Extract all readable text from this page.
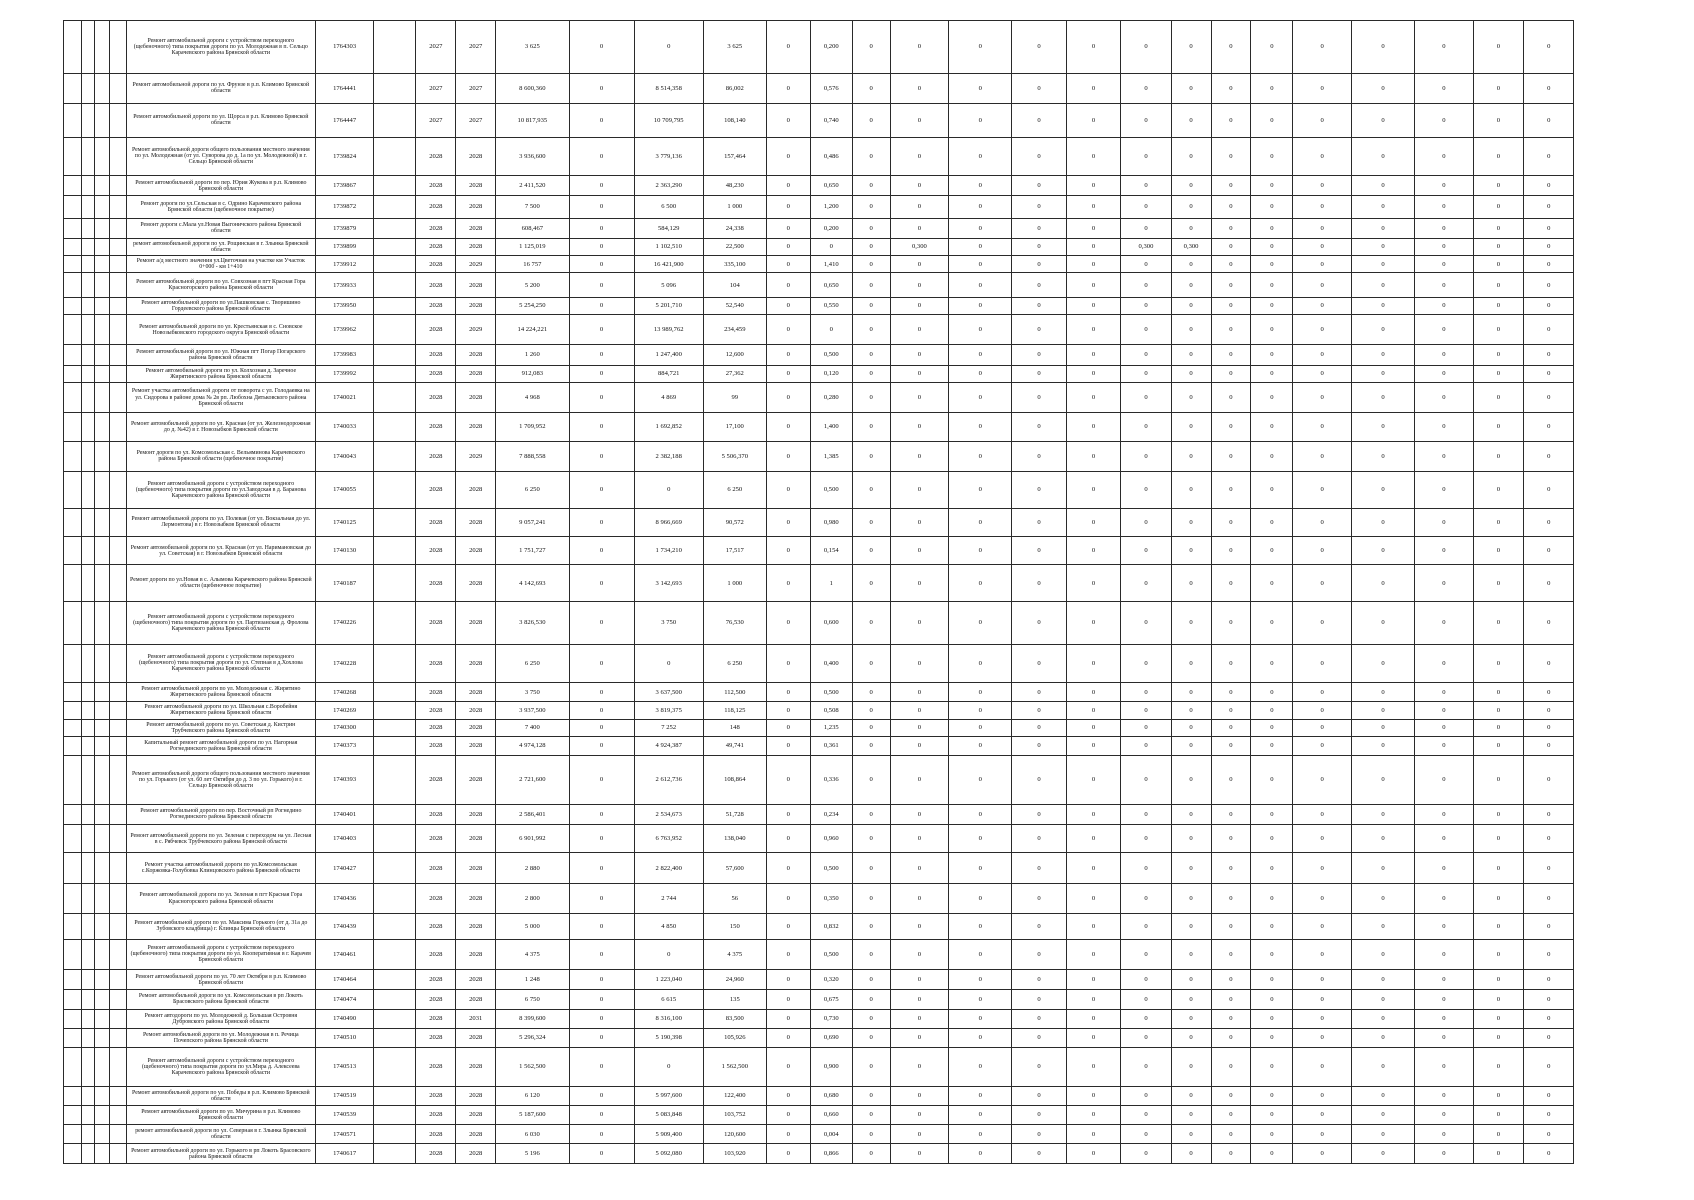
				Ремонт автомобильной дороги с устройством переходного (щебеночного) типа покрытия дороги по ул. Молодежная в п. Сельцо Карачевского района Брянской области	1764303		2027	2027	3 625	0	0	3 625	0	0,200	0	0	0	0	0	0	0	0	0	0	0	0	0	0
				Ремонт автомобильной дороги по ул. Фрунзе в р.п. Климово Брянской области	1764441		2027	2027	8 600,360	0	8 514,358	86,002	0	0,576	0	0	0	0	0	0	0	0	0	0	0	0	0	0
				Ремонт автомобильной дороги по ул. Щорса в р.п. Климово Брянской области	1764447		2027	2027	10 817,935	0	10 709,795	108,140	0	0,740	0	0	0	0	0	0	0	0	0	0	0	0	0	0
				Ремонт автомобильной дороги общего пользования местного значения по ул. Молодежная (от ул. Суворова до д. 1а по ул. Молодежной) в г. Сельцо Брянской области	1739824		2028	2028	3 936,600	0	3 779,136	157,464	0	0,486	0	0	0	0	0	0	0	0	0	0	0	0	0	0
				Ремонт автомобильной дороги по пер. Юрия Жукова в р.п. Климово Брянской области	1739867		2028	2028	2 411,520	0	2 363,290	48,230	0	0,650	0	0	0	0	0	0	0	0	0	0	0	0	0	0
				Ремонт дороги по ул.Сельская в с. Одрино Карачевского района Брянской области (щебеночное покрытие)	1739872		2028	2028	7 500	0	6 500	1 000	0	1,200	0	0	0	0	0	0	0	0	0	0	0	0	0	0
				Ремонт дороги с.Мала ул.Новая Выгоничского района Брянской области	1739879		2028	2028	608,467	0	584,129	24,338	0	0,200	0	0	0	0	0	0	0	0	0	0	0	0	0	0
				ремонт автомобильной дороги по ул. Рощинская в г. Злынка Брянской области	1739899		2028	2028	1 125,019	0	1 102,510	22,500	0	0	0	0,300	0	0	0	0,300	0,300	0	0	0	0	0	0	0
				Ремонт а/д местного значения ул.Цветочная на участке км Участок 0+000 - км 1+410	1739912		2028	2029	16 757	0	16 421,900	335,100	0	1,410	0	0	0	0	0	0	0	0	0	0	0	0	0	0
				Ремонт автомобильной дороги по ул. Совхозная в пгт Красная Гора Красногорского района Брянской области	1739933		2028	2028	5 200	0	5 096	104	0	0,650	0	0	0	0	0	0	0	0	0	0	0	0	0	0
				Ремонт автомобильной дороги по ул.Пашковская с. Творишино Гордеевского района Брянской области	1739950		2028	2028	5 254,250	0	5 201,710	52,540	0	0,550	0	0	0	0	0	0	0	0	0	0	0	0	0	0
				Ремонт автомобильной дороги по ул. Крестьянская в с. Сновское Новозыбковского городского округа Брянской области	1739962		2028	2029	14 224,221	0	13 989,762	234,459	0	0	0	0	0	0	0	0	0	0	0	0	0	0	0	0
				Ремонт автомобильной дороги по ул. Южная пгт Погар Погарского района Брянской области	1739983		2028	2028	1 260	0	1 247,400	12,600	0	0,500	0	0	0	0	0	0	0	0	0	0	0	0	0	0
				Ремонт автомобильной дороги по ул. Колхозная д. Заречное Жирятинского района Брянской области	1739992		2028	2028	912,083	0	884,721	27,362	0	0,120	0	0	0	0	0	0	0	0	0	0	0	0	0	0
				Ремонт участка автомобильной дороги от поворота с ул. Голодаевка на ул. Сидорова в районе дома № 2в рп. Любохна Дятьковского района Брянской области	1740021		2028	2028	4 968	0	4 869	99	0	0,280	0	0	0	0	0	0	0	0	0	0	0	0	0	0
				Ремонт автомобильной дороги по ул. Красная (от ул. Железнодорожная до д. №42) в г. Новозыбков Брянской области	1740033		2028	2028	1 709,952	0	1 692,852	17,100	0	1,400	0	0	0	0	0	0	0	0	0	0	0	0	0	0
				Ремонт дороги по ул. Комсомольская с. Вельяминова Карачевского района Брянской области (щебеночное покрытие)	1740043		2028	2029	7 888,558	0	2 382,188	5 506,370	0	1,385	0	0	0	0	0	0	0	0	0	0	0	0	0	0
				Ремонт автомобильной дороги с устройством переходного (щебеночного) типа покрытия дороги по ул.Заводская в д. Баранова Карачевского района Брянской области	1740055		2028	2028	6 250	0	0	6 250	0	0,500	0	0	0	0	0	0	0	0	0	0	0	0	0	0
				Ремонт автомобильной дороги по ул. Полевая (от ул. Вокзальная до ул. Лермонтова) в г. Новозыбков Брянской области	1740125		2028	2028	9 057,241	0	8 966,669	90,572	0	0,980	0	0	0	0	0	0	0	0	0	0	0	0	0	0
				Ремонт автомобильной дороги по ул. Красная (от ул. Наримановская до ул. Советская) в г. Новозыбков Брянской области	1740130		2028	2028	1 751,727	0	1 734,210	17,517	0	0,154	0	0	0	0	0	0	0	0	0	0	0	0	0	0
				Ремонт дороги по ул.Новая в с. Алымова Карачевского района Брянской области (щебеночное покрытие)	1740187		2028	2028	4 142,693	0	3 142,693	1 000	0	1	0	0	0	0	0	0	0	0	0	0	0	0	0	0
				Ремонт автомобильной дороги с устройством переходного (щебеночного) типа покрытия дороги по ул. Партизанская д. Фролова Карачевского района Брянской области	1740226		2028	2028	3 826,530	0	3 750	76,530	0	0,600	0	0	0	0	0	0	0	0	0	0	0	0	0	0
				Ремонт автомобильной дороги с устройством переходного (щебеночного) типа покрытия дороги по ул. Степная в д.Хохлова Карачевского района Брянской области	1740228		2028	2028	6 250	0	0	6 250	0	0,400	0	0	0	0	0	0	0	0	0	0	0	0	0	0
				Ремонт автомобильной дороги по ул. Молодежная с. Жирятино Жирятинского района Брянской области	1740268		2028	2028	3 750	0	3 637,500	112,500	0	0,500	0	0	0	0	0	0	0	0	0	0	0	0	0	0
				Ремонт автомобильной дороги по ул. Школьная с.Воробейня Жирятинского района Брянской области	1740269		2028	2028	3 937,500	0	3 819,375	118,125	0	0,508	0	0	0	0	0	0	0	0	0	0	0	0	0	0
				Ремонт автомобильной дороги по ул. Советская д. Кистрин Трубчевского района Брянской области	1740300		2028	2028	7 400	0	7 252	148	0	1,235	0	0	0	0	0	0	0	0	0	0	0	0	0	0
				Капитальный ремонт автомобильной дороги по ул. Нагорная Рогнединского района Брянской области	1740373		2028	2028	4 974,128	0	4 924,387	49,741	0	0,361	0	0	0	0	0	0	0	0	0	0	0	0	0	0
				Ремонт автомобильной дороги общего пользования местного значения по ул. Горького (от ул. 60 лет Октября до д. 3 по ул. Горького) в г. Сельцо Брянской области	1740393		2028	2028	2 721,600	0	2 612,736	108,864	0	0,336	0	0	0	0	0	0	0	0	0	0	0	0	0	0
				Ремонт автомобильной дороги по пер. Восточный рп Рогнедино Рогнединского района Брянской области	1740401		2028	2028	2 586,401	0	2 534,673	51,728	0	0,234	0	0	0	0	0	0	0	0	0	0	0	0	0	0
				Ремонт автомобильной дороги по ул. Зеленая с переходом на ул. Лесная в с. Рябчевск Трубчевского района Брянской области	1740403		2028	2028	6 901,992	0	6 763,952	138,040	0	0,960	0	0	0	0	0	0	0	0	0	0	0	0	0	0
				Ремонт участка автомобильной дороги по ул.Комсомольская с.Коржовка-Голубовка Клинцовского района Брянской области	1740427		2028	2028	2 880	0	2 822,400	57,600	0	0,500	0	0	0	0	0	0	0	0	0	0	0	0	0	0
				Ремонт автомобильной дороги по ул. Зеленая в пгт Красная Гора Красногорского района Брянской области	1740436		2028	2028	2 800	0	2 744	56	0	0,350	0	0	0	0	0	0	0	0	0	0	0	0	0	0
				Ремонт автомобильной дороги по ул. Максима Горького (от д. 31а до Зубовского кладбища) г. Клинцы Брянской области	1740439		2028	2028	5 000	0	4 850	150	0	0,832	0	0	0	0	0	0	0	0	0	0	0	0	0	0
				Ремонт автомобильной дороги с устройством переходного (щебеночного) типа покрытия дороги по ул. Кооперативная в г. Карачев Брянской области	1740461		2028	2028	4 375	0	0	4 375	0	0,500	0	0	0	0	0	0	0	0	0	0	0	0	0	0
				Ремонт автомобильной дороги по ул. 70 лет Октября в р.п. Климово Брянской области	1740464		2028	2028	1 248	0	1 223,040	24,960	0	0,320	0	0	0	0	0	0	0	0	0	0	0	0	0	0
				Ремонт автомобильной дороги по ул. Комсомольская в рп Локоть Брасовского района Брянской области	1740474		2028	2028	6 750	0	6 615	135	0	0,675	0	0	0	0	0	0	0	0	0	0	0	0	0	0
				Ремонт автодороги по ул. Молодежной д. Большая Островня Дубровского района Брянской области	1740490		2028	2031	8 399,600	0	8 316,100	83,500	0	0,730	0	0	0	0	0	0	0	0	0	0	0	0	0	0
				Ремонт автомобильной дороги по ул. Молодежная в п. Речица Почепского района Брянской области	1740510		2028	2028	5 296,324	0	5 190,398	105,926	0	0,690	0	0	0	0	0	0	0	0	0	0	0	0	0	0
				Ремонт автомобильной дороги с устройством переходного (щебеночного) типа покрытия дороги по ул.Мира д. Алексеева Карачевского района Брянской области	1740513		2028	2028	1 562,500	0	0	1 562,500	0	0,900	0	0	0	0	0	0	0	0	0	0	0	0	0	0
				Ремонт автомобильной дороги по ул. Победы в р.п. Климово Брянской области	1740519		2028	2028	6 120	0	5 997,600	122,400	0	0,680	0	0	0	0	0	0	0	0	0	0	0	0	0	0
				Ремонт автомобильной дороги по ул. Мичурина в р.п. Климово Брянской области	1740539		2028	2028	5 187,600	0	5 083,848	103,752	0	0,660	0	0	0	0	0	0	0	0	0	0	0	0	0	0
				ремонт автомобильной дороги по ул. Северная в г. Злынка Брянской области	1740571		2028	2028	6 030	0	5 909,400	120,600	0	0,004	0	0	0	0	0	0	0	0	0	0	0	0	0	0
				Ремонт автомобильной дороги по ул. Горького в рп Локоть Брасовского района Брянской области	1740617		2028	2028	5 196	0	5 092,080	103,920	0	0,866	0	0	0	0	0	0	0	0	0	0	0	0	0	0
